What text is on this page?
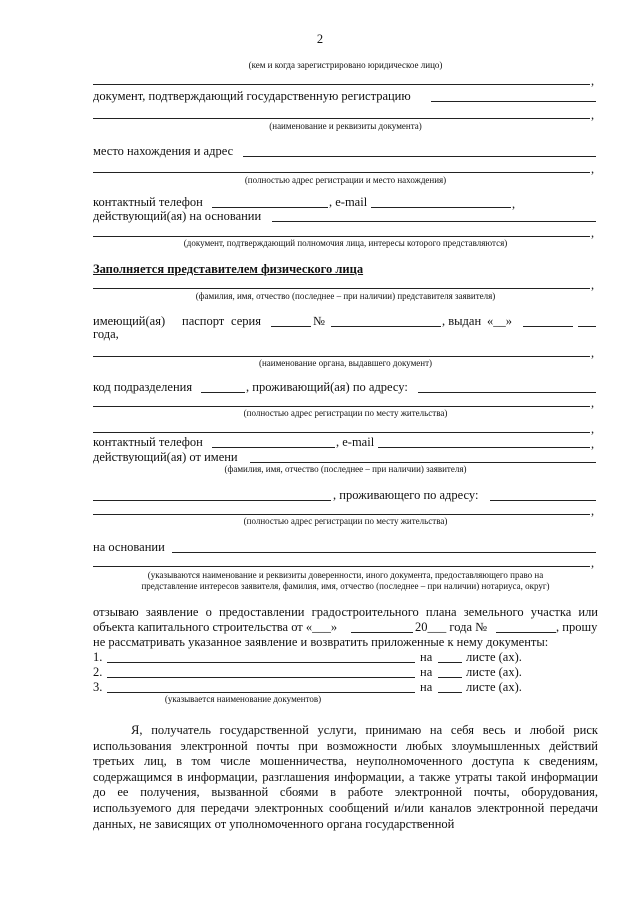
2
(кем и когда зарегистрировано юридическое лицо)
,
документ, подтверждающий государственную регистрацию
,
(наименование и реквизиты документа)
место нахождения и адрес
,
(полностью адрес регистрации и место нахождения)
контактный телефон	, e-mail	,
действующий(ая) на основании
,
(документ, подтверждающий полномочия лица, интересы которого представляются)
Заполняется представителем физического лица
,
(фамилия, имя, отчество (последнее – при наличии) представителя заявителя)
имеющий(ая) паспорт серия	№	, выдан «__»
года,
,
(наименование органа, выдавшего документ)
код подразделения	, проживающий(ая) по адресу:
,
(полностью адрес регистрации по месту жительства)
,
контактный телефон	, e-mail	,
действующий(ая) от имени
(фамилия, имя, отчество (последнее – при наличии) заявителя)
, проживающего по адресу:
,
(полностью адрес регистрации по месту жительства)
на основании
,
(указываются наименование и реквизиты доверенности, иного документа, предоставляющего право на
представление интересов заявителя, фамилия, имя, отчество (последнее – при наличии) нотариуса, округ)
отзываю заявление о предоставлении градостроительного плана земельного участка или
объекта капитального строительства от «___»	20___ года №	, прошу
не рассматривать указанное заявление и возвратить приложенные к нему документы:
1.	на	листе (ах).
2.	на	листе (ах).
3.	на	листе (ах).
(указывается наименование документов)
Я, получатель государственной услуги, принимаю на себя весь и любой риск использования электронной почты при возможности любых злоумышленных действий третьих лиц, в том числе мошенничества, неуполномоченного доступа к сведениям, содержащимся в информации, разглашения информации, а также утраты такой информации до ее получения, вызванной сбоями в работе электронной почты, оборудования, используемого для передачи электронных сообщений и/или каналов электронной передачи данных, не зависящих от уполномоченного органа государственной
